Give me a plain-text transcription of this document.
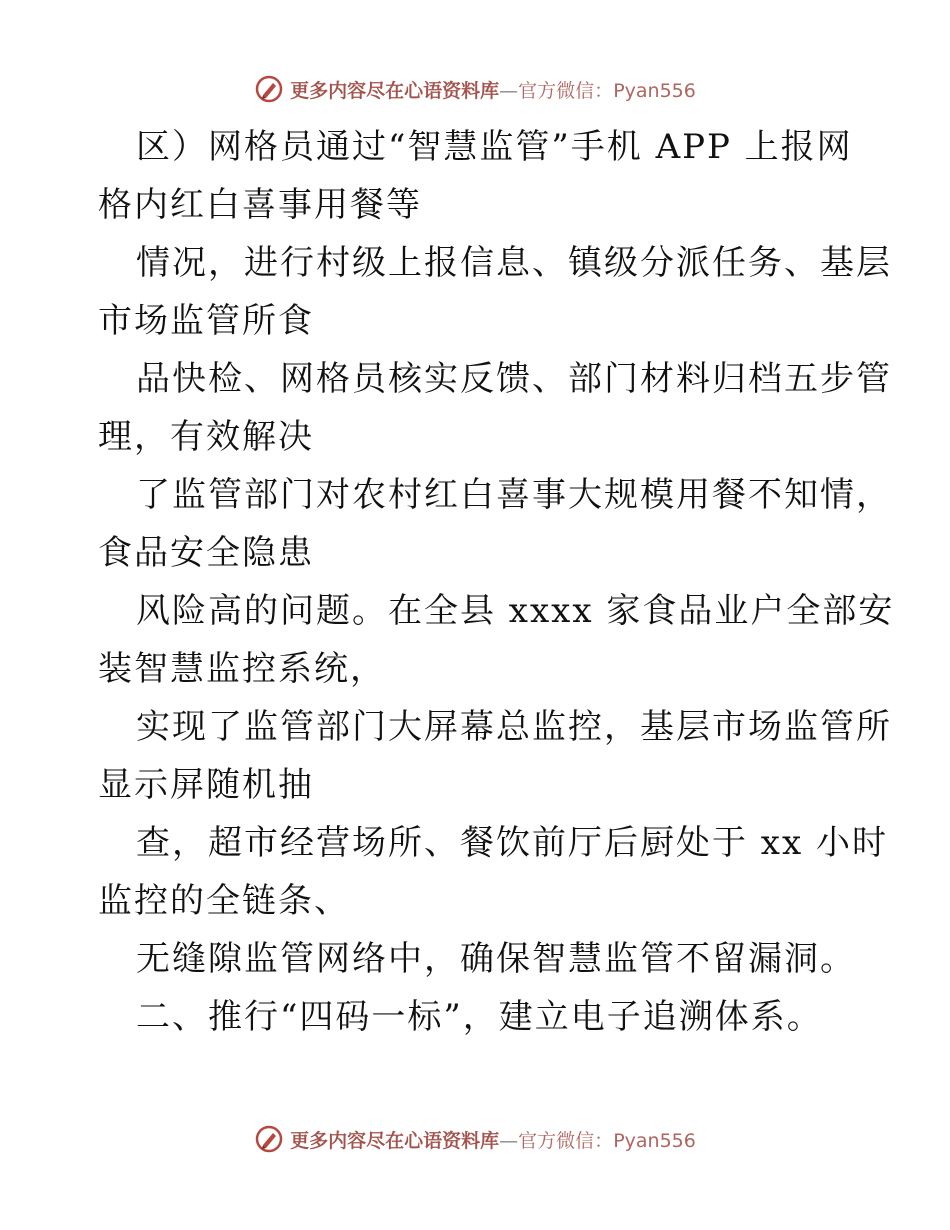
更多内容尽在心语资料库—官方微信：Pyan556

区）网格员通过“智慧监管”手机 APP 上报网
格内红白喜事用餐等

情况，进行村级上报信息、镇级分派任务、基层
市场监管所食

品快检、网格员核实反馈、部门材料归档五步管
理，有效解决

了监管部门对农村红白喜事大规模用餐不知情，
食品安全隐患

风险高的问题。在全县 xxxx 家食品业户全部安
装智慧监控系统，

实现了监管部门大屏幕总监控，基层市场监管所
显示屏随机抽

查，超市经营场所、餐饮前厅后厨处于 xx 小时
监控的全链条、

无缝隙监管网络中，确保智慧监管不留漏洞。

二、推行“四码一标”，建立电子追溯体系。

更多内容尽在心语资料库—官方微信：Pyan556
